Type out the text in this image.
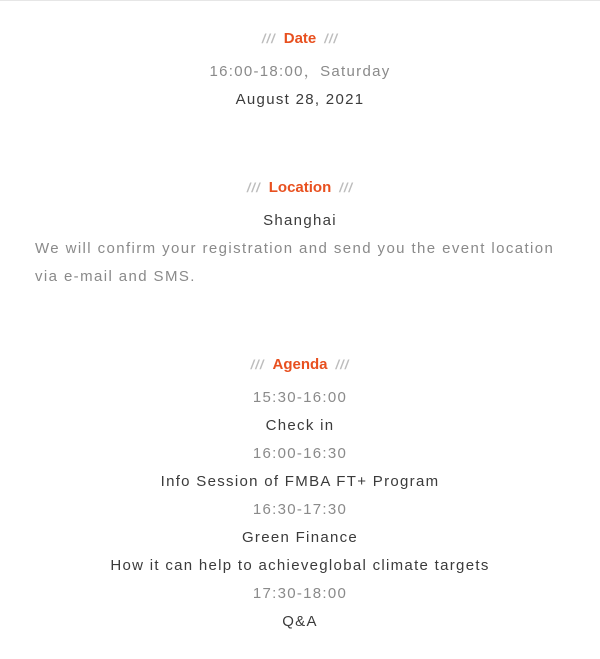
/// Date ///
16:00-18:00，Saturday
August 28, 2021
/// Location ///
Shanghai
We will confirm your registration and send you the event location via e-mail and SMS.
/// Agenda ///
15:30-16:00
Check in
16:00-16:30
Info Session of FMBA FT+ Program
16:30-17:30
Green Finance
How it can help to achieveglobal climate targets
17:30-18:00
Q&A
